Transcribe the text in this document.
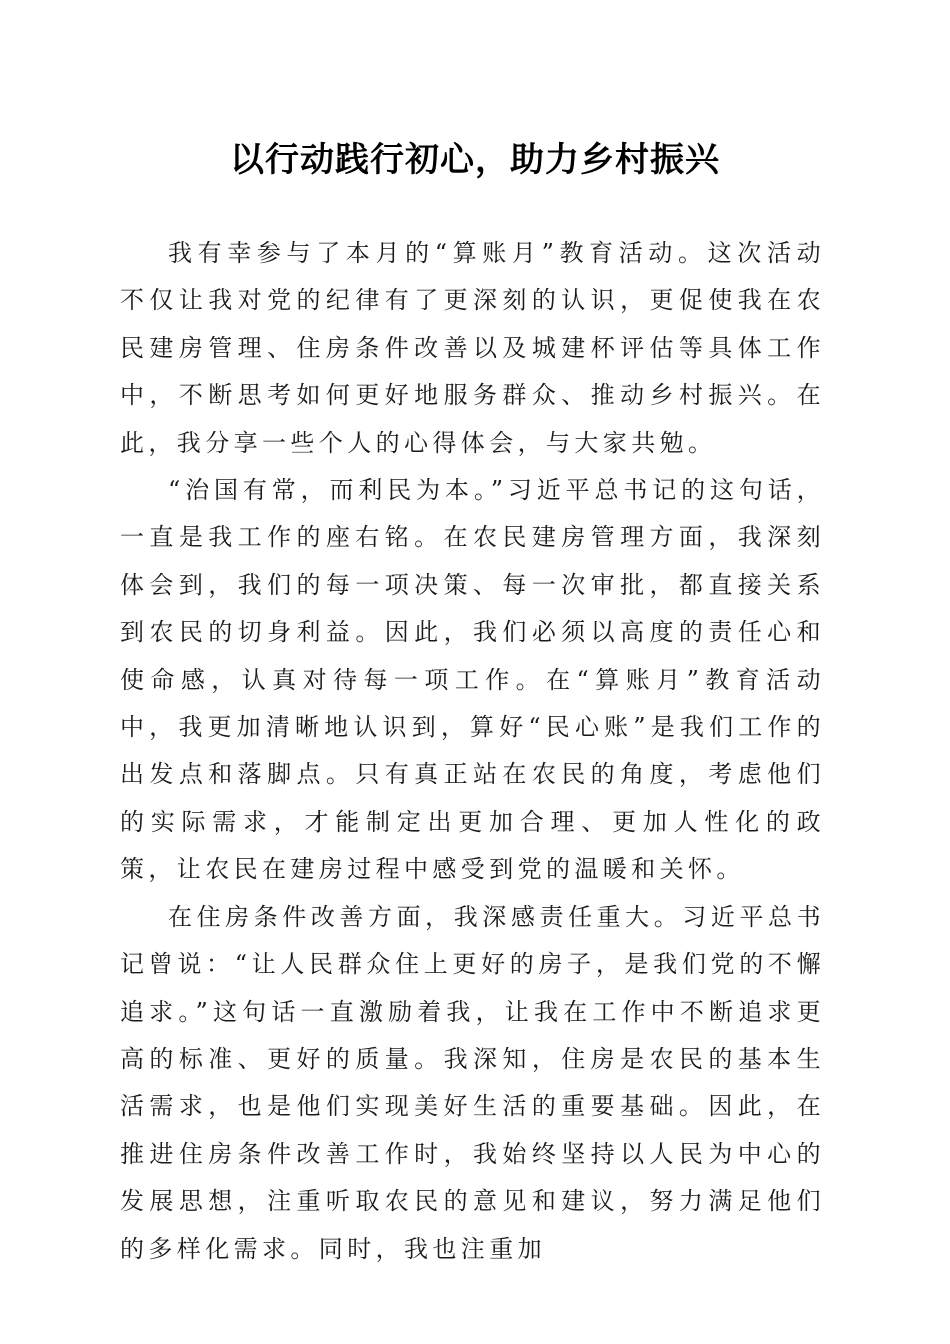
以行动践行初心，助力乡村振兴

我有幸参与了本月的“算账月”教育活动。这次活动不仅让我对党的纪律有了更深刻的认识，更促使我在农民建房管理、住房条件改善以及城建杯评估等具体工作中，不断思考如何更好地服务群众、推动乡村振兴。在此，我分享一些个人的心得体会，与大家共勉。

“治国有常，而利民为本。”习近平总书记的这句话，一直是我工作的座右铭。在农民建房管理方面，我深刻体会到，我们的每一项决策、每一次审批，都直接关系到农民的切身利益。因此，我们必须以高度的责任心和使命感，认真对待每一项工作。在“算账月”教育活动中，我更加清晰地认识到，算好“民心账”是我们工作的出发点和落脚点。只有真正站在农民的角度，考虑他们的实际需求，才能制定出更加合理、更加人性化的政策，让农民在建房过程中感受到党的温暖和关怀。

在住房条件改善方面，我深感责任重大。习近平总书记曾说：“让人民群众住上更好的房子，是我们党的不懈追求。”这句话一直激励着我，让我在工作中不断追求更高的标准、更好的质量。我深知，住房是农民的基本生活需求，也是他们实现美好生活的重要基础。因此，在推进住房条件改善工作时，我始终坚持以人民为中心的发展思想，注重听取农民的意见和建议，努力满足他们的多样化需求。同时，我也注重加
